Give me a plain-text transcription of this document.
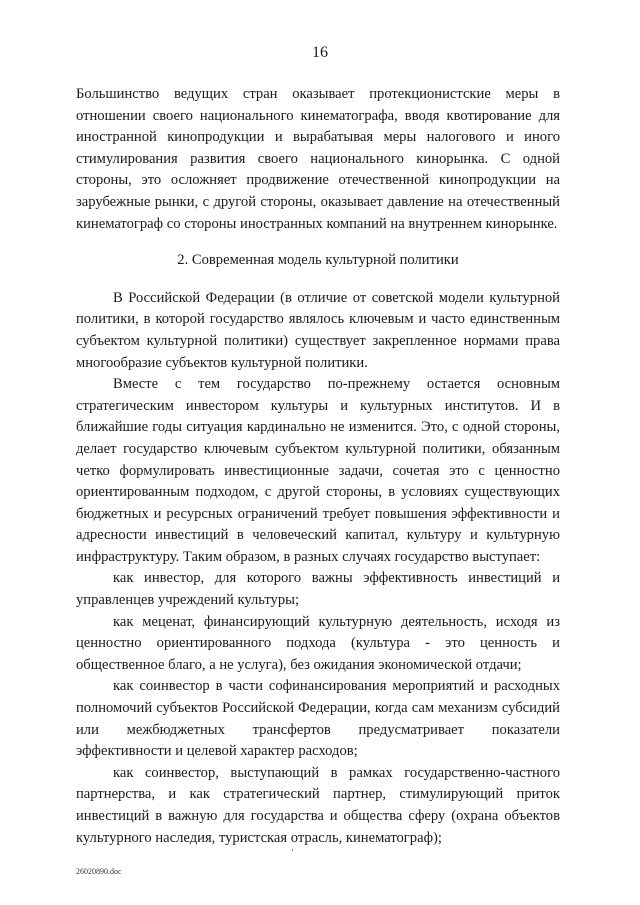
16

Большинство ведущих стран оказывает протекционистские меры в отношении своего национального кинематографа, вводя квотирование для иностранной кинопродукции и вырабатывая меры налогового и иного стимулирования развития своего национального кинорынка. С одной стороны, это осложняет продвижение отечественной кинопродукции на зарубежные рынки, с другой стороны, оказывает давление на отечественный кинематограф со стороны иностранных компаний на внутреннем кинорынке.

2. Современная модель культурной политики

В Российской Федерации (в отличие от советской модели культурной политики, в которой государство являлось ключевым и часто единственным субъектом культурной политики) существует закрепленное нормами права многообразие субъектов культурной политики.

Вместе с тем государство по-прежнему остается основным стратегическим инвестором культуры и культурных институтов. И в ближайшие годы ситуация кардинально не изменится. Это, с одной стороны, делает государство ключевым субъектом культурной политики, обязанным четко формулировать инвестиционные задачи, сочетая это с ценностно ориентированным подходом, с другой стороны, в условиях существующих бюджетных и ресурсных ограничений требует повышения эффективности и адресности инвестиций в человеческий капитал, культуру и культурную инфраструктуру. Таким образом, в разных случаях государство выступает:

как инвестор, для которого важны эффективность инвестиций и управленцев учреждений культуры;

как меценат, финансирующий культурную деятельность, исходя из ценностно ориентированного подхода (культура - это ценность и общественное благо, а не услуга), без ожидания экономической отдачи;

как соинвестор в части софинансирования мероприятий и расходных полномочий субъектов Российской Федерации, когда сам механизм субсидий или межбюджетных трансфертов предусматривает показатели эффективности и целевой характер расходов;

как соинвестор, выступающий в рамках государственно-частного партнерства, и как стратегический партнер, стимулирующий приток инвестиций в важную для государства и общества сферу (охрана объектов культурного наследия, туристская отрасль, кинематограф);

26020890.doc
